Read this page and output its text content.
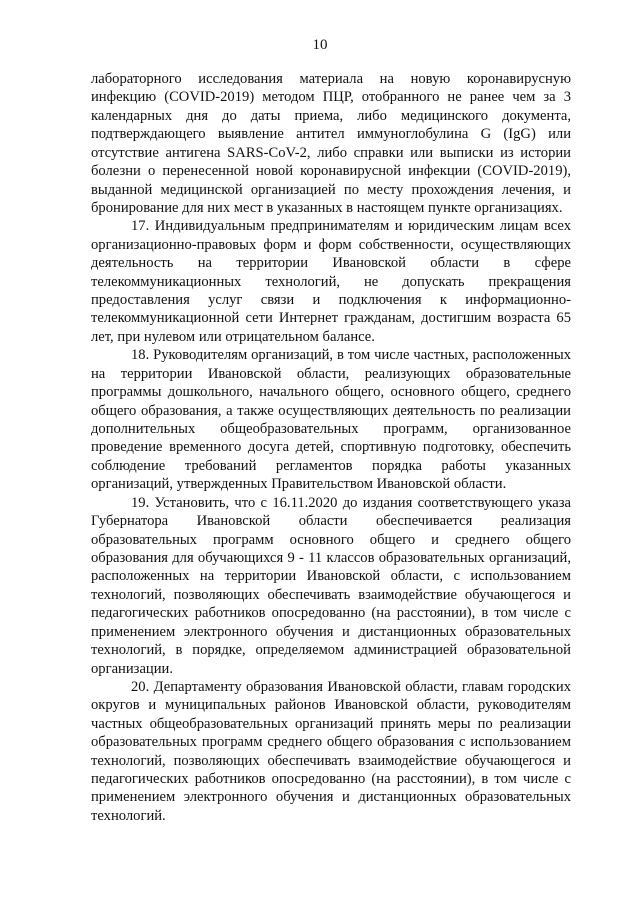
10

лабораторного исследования материала на новую коронавирусную инфекцию (COVID-2019) методом ПЦР, отобранного не ранее чем за 3 календарных дня до даты приема, либо медицинского документа, подтверждающего выявление антител иммуноглобулина G (IgG) или отсутствие антигена SARS-CoV-2, либо справки или выписки из истории болезни о перенесенной новой коронавирусной инфекции (COVID-2019), выданной медицинской организацией по месту прохождения лечения, и бронирование для них мест в указанных в настоящем пункте организациях.

17. Индивидуальным предпринимателям и юридическим лицам всех организационно-правовых форм и форм собственности, осуществляющих деятельность на территории Ивановской области в сфере телекоммуникационных технологий, не допускать прекращения предоставления услуг связи и подключения к информационно-телекоммуникационной сети Интернет гражданам, достигшим возраста 65 лет, при нулевом или отрицательном балансе.

18. Руководителям организаций, в том числе частных, расположенных на территории Ивановской области, реализующих образовательные программы дошкольного, начального общего, основного общего, среднего общего образования, а также осуществляющих деятельность по реализации дополнительных общеобразовательных программ, организованное проведение временного досуга детей, спортивную подготовку, обеспечить соблюдение требований регламентов порядка работы указанных организаций, утвержденных Правительством Ивановской области.

19. Установить, что с 16.11.2020 до издания соответствующего указа Губернатора Ивановской области обеспечивается реализация образовательных программ основного общего и среднего общего образования для обучающихся 9 - 11 классов образовательных организаций, расположенных на территории Ивановской области, с использованием технологий, позволяющих обеспечивать взаимодействие обучающегося и педагогических работников опосредованно (на расстоянии), в том числе с применением электронного обучения и дистанционных образовательных технологий, в порядке, определяемом администрацией образовательной организации.

20. Департаменту образования Ивановской области, главам городских округов и муниципальных районов Ивановской области, руководителям частных общеобразовательных организаций принять меры по реализации образовательных программ среднего общего образования с использованием технологий, позволяющих обеспечивать взаимодействие обучающегося и педагогических работников опосредованно (на расстоянии), в том числе с применением электронного обучения и дистанционных образовательных технологий.
